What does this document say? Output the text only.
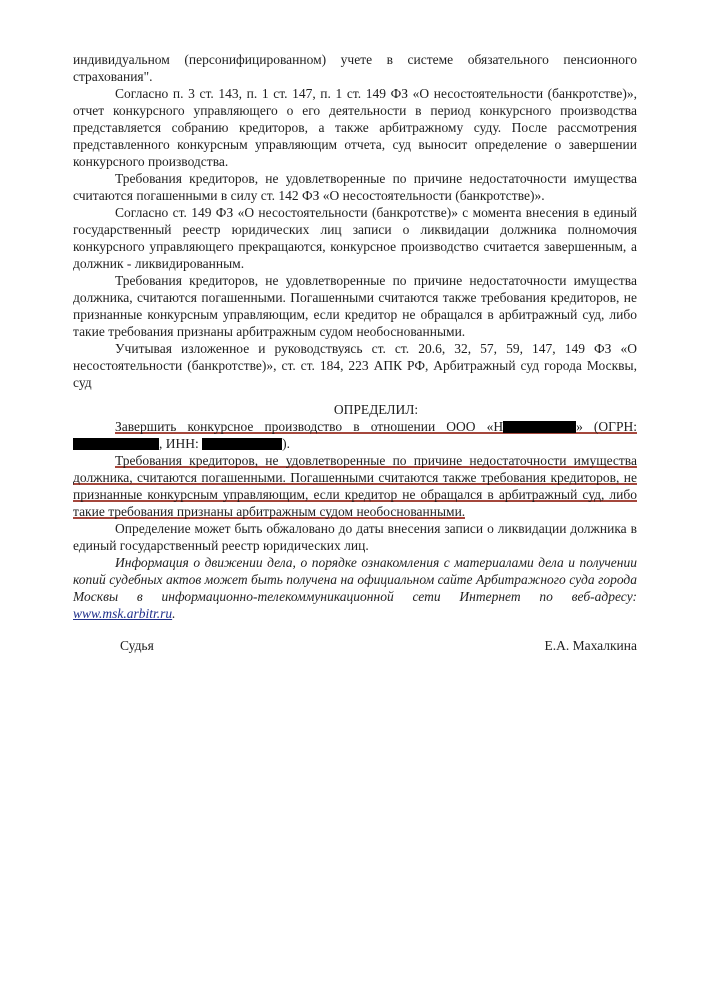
индивидуальном (персонифицированном) учете в системе обязательного пенсионного страхования".

Согласно п. 3 ст. 143, п. 1 ст. 147, п. 1 ст. 149 ФЗ «О несостоятельности (банкротстве)», отчет конкурсного управляющего о его деятельности в период конкурсного производства представляется собранию кредиторов, а также арбитражному суду. После рассмотрения представленного конкурсным управляющим отчета, суд выносит определение о завершении конкурсного производства.

Требования кредиторов, не удовлетворенные по причине недостаточности имущества считаются погашенными в силу ст. 142 ФЗ «О несостоятельности (банкротстве)».

Согласно ст. 149 ФЗ «О несостоятельности (банкротстве)» с момента внесения в единый государственный реестр юридических лиц записи о ликвидации должника полномочия конкурсного управляющего прекращаются, конкурсное производство считается завершенным, а должник - ликвидированным.

Требования кредиторов, не удовлетворенные по причине недостаточности имущества должника, считаются погашенными. Погашенными считаются также требования кредиторов, не признанные конкурсным управляющим, если кредитор не обращался в арбитражный суд, либо такие требования признаны арбитражным судом необоснованными.

Учитывая изложенное и руководствуясь ст. ст. 20.6, 32, 57, 59, 147, 149 ФЗ «О несостоятельности (банкротстве)», ст. ст. 184, 223 АПК РФ, Арбитражный суд города Москвы, суд

ОПРЕДЕЛИЛ:

Завершить конкурсное производство в отношении ООО «Н	» (ОГРН:
, ИНН:	).

Требования кредиторов, не удовлетворенные по причине недостаточности имущества должника, считаются погашенными. Погашенными считаются также требования кредиторов, не признанные конкурсным управляющим, если кредитор не обращался в арбитражный суд, либо такие требования признаны арбитражным судом необоснованными.

Определение может быть обжаловано до даты внесения записи о ликвидации должника в единый государственный реестр юридических лиц.

Информация о движении дела, о порядке ознакомления с материалами дела и получении копий судебных актов может быть получена на официальном сайте Арбитражного суда города Москвы в информационно-телекоммуникационной сети Интернет по веб-адресу: www.msk.arbitr.ru.

Судья	Е.А. Махалкина
